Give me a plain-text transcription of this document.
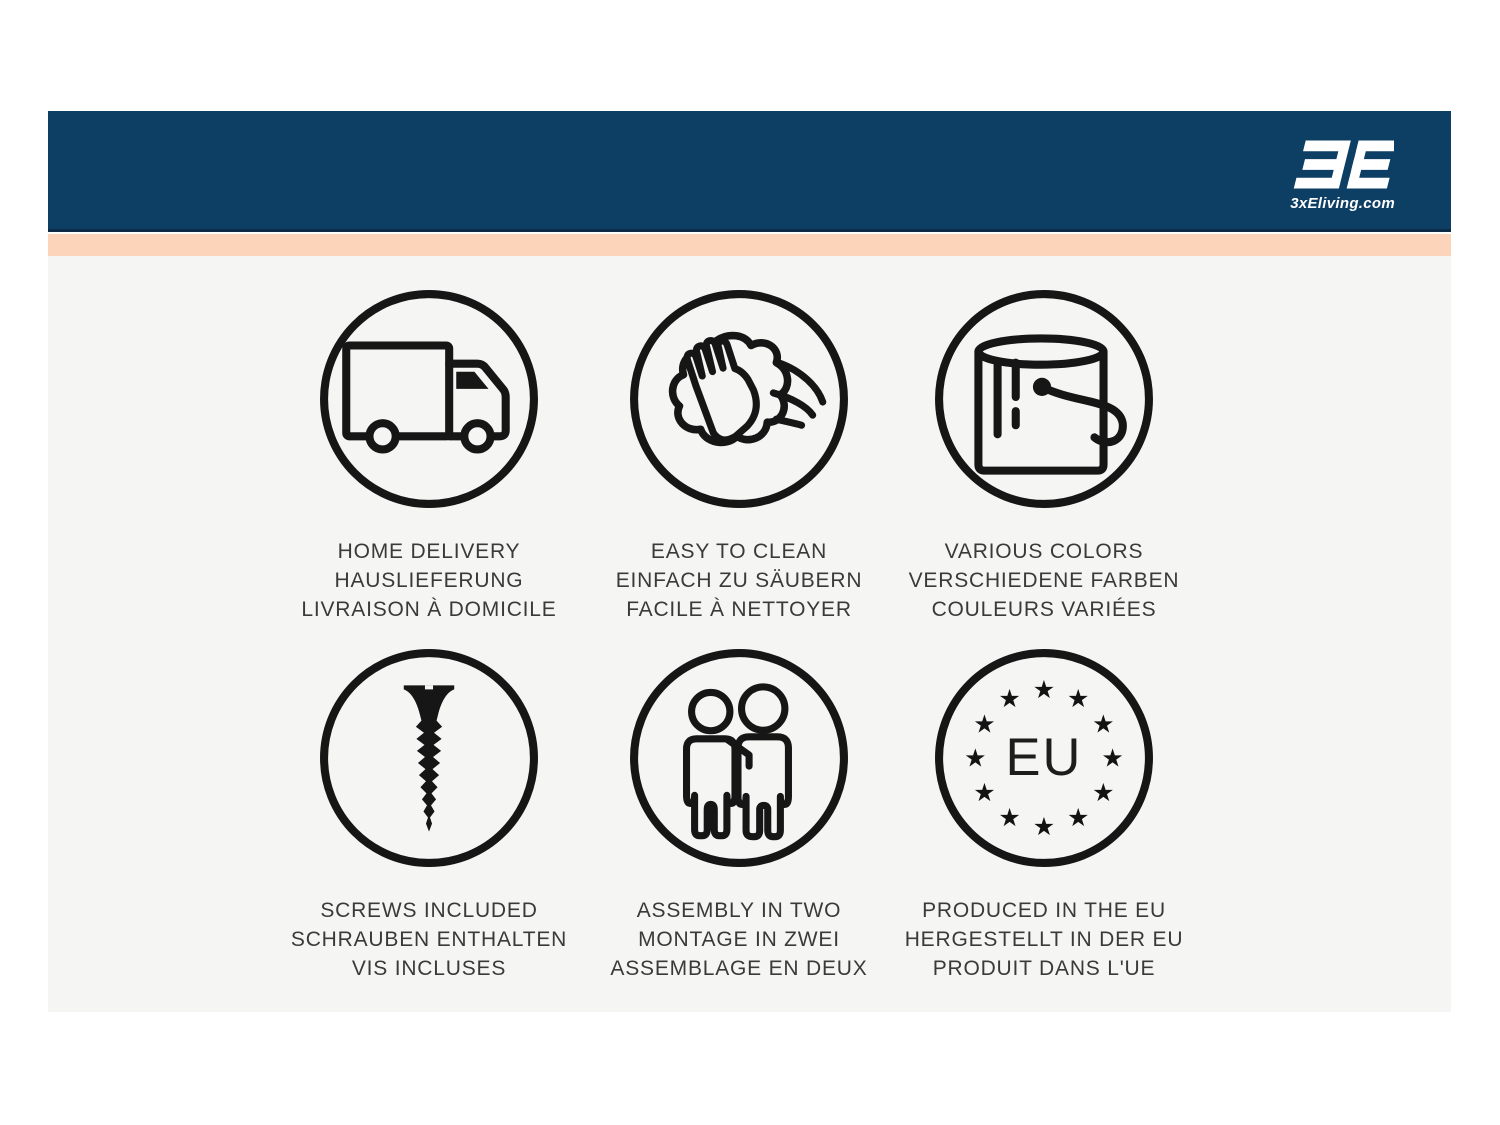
3xEliving.com
HOME DELIVERY
HAUSLIEFERUNG
LIVRAISON À DOMICILE
EASY TO CLEAN
EINFACH ZU SÄUBERN
FACILE À NETTOYER
VARIOUS COLORS
VERSCHIEDENE FARBEN
COULEURS VARIÉES
SCREWS INCLUDED
SCHRAUBEN ENTHALTEN
VIS INCLUSES
ASSEMBLY IN TWO
MONTAGE IN ZWEI
ASSEMBLAGE EN DEUX
★ ★
★
★
★
★
★
★
★
★
★
★
EU
PRODUCED IN THE EU
HERGESTELLT IN DER EU
PRODUIT DANS L'UE
